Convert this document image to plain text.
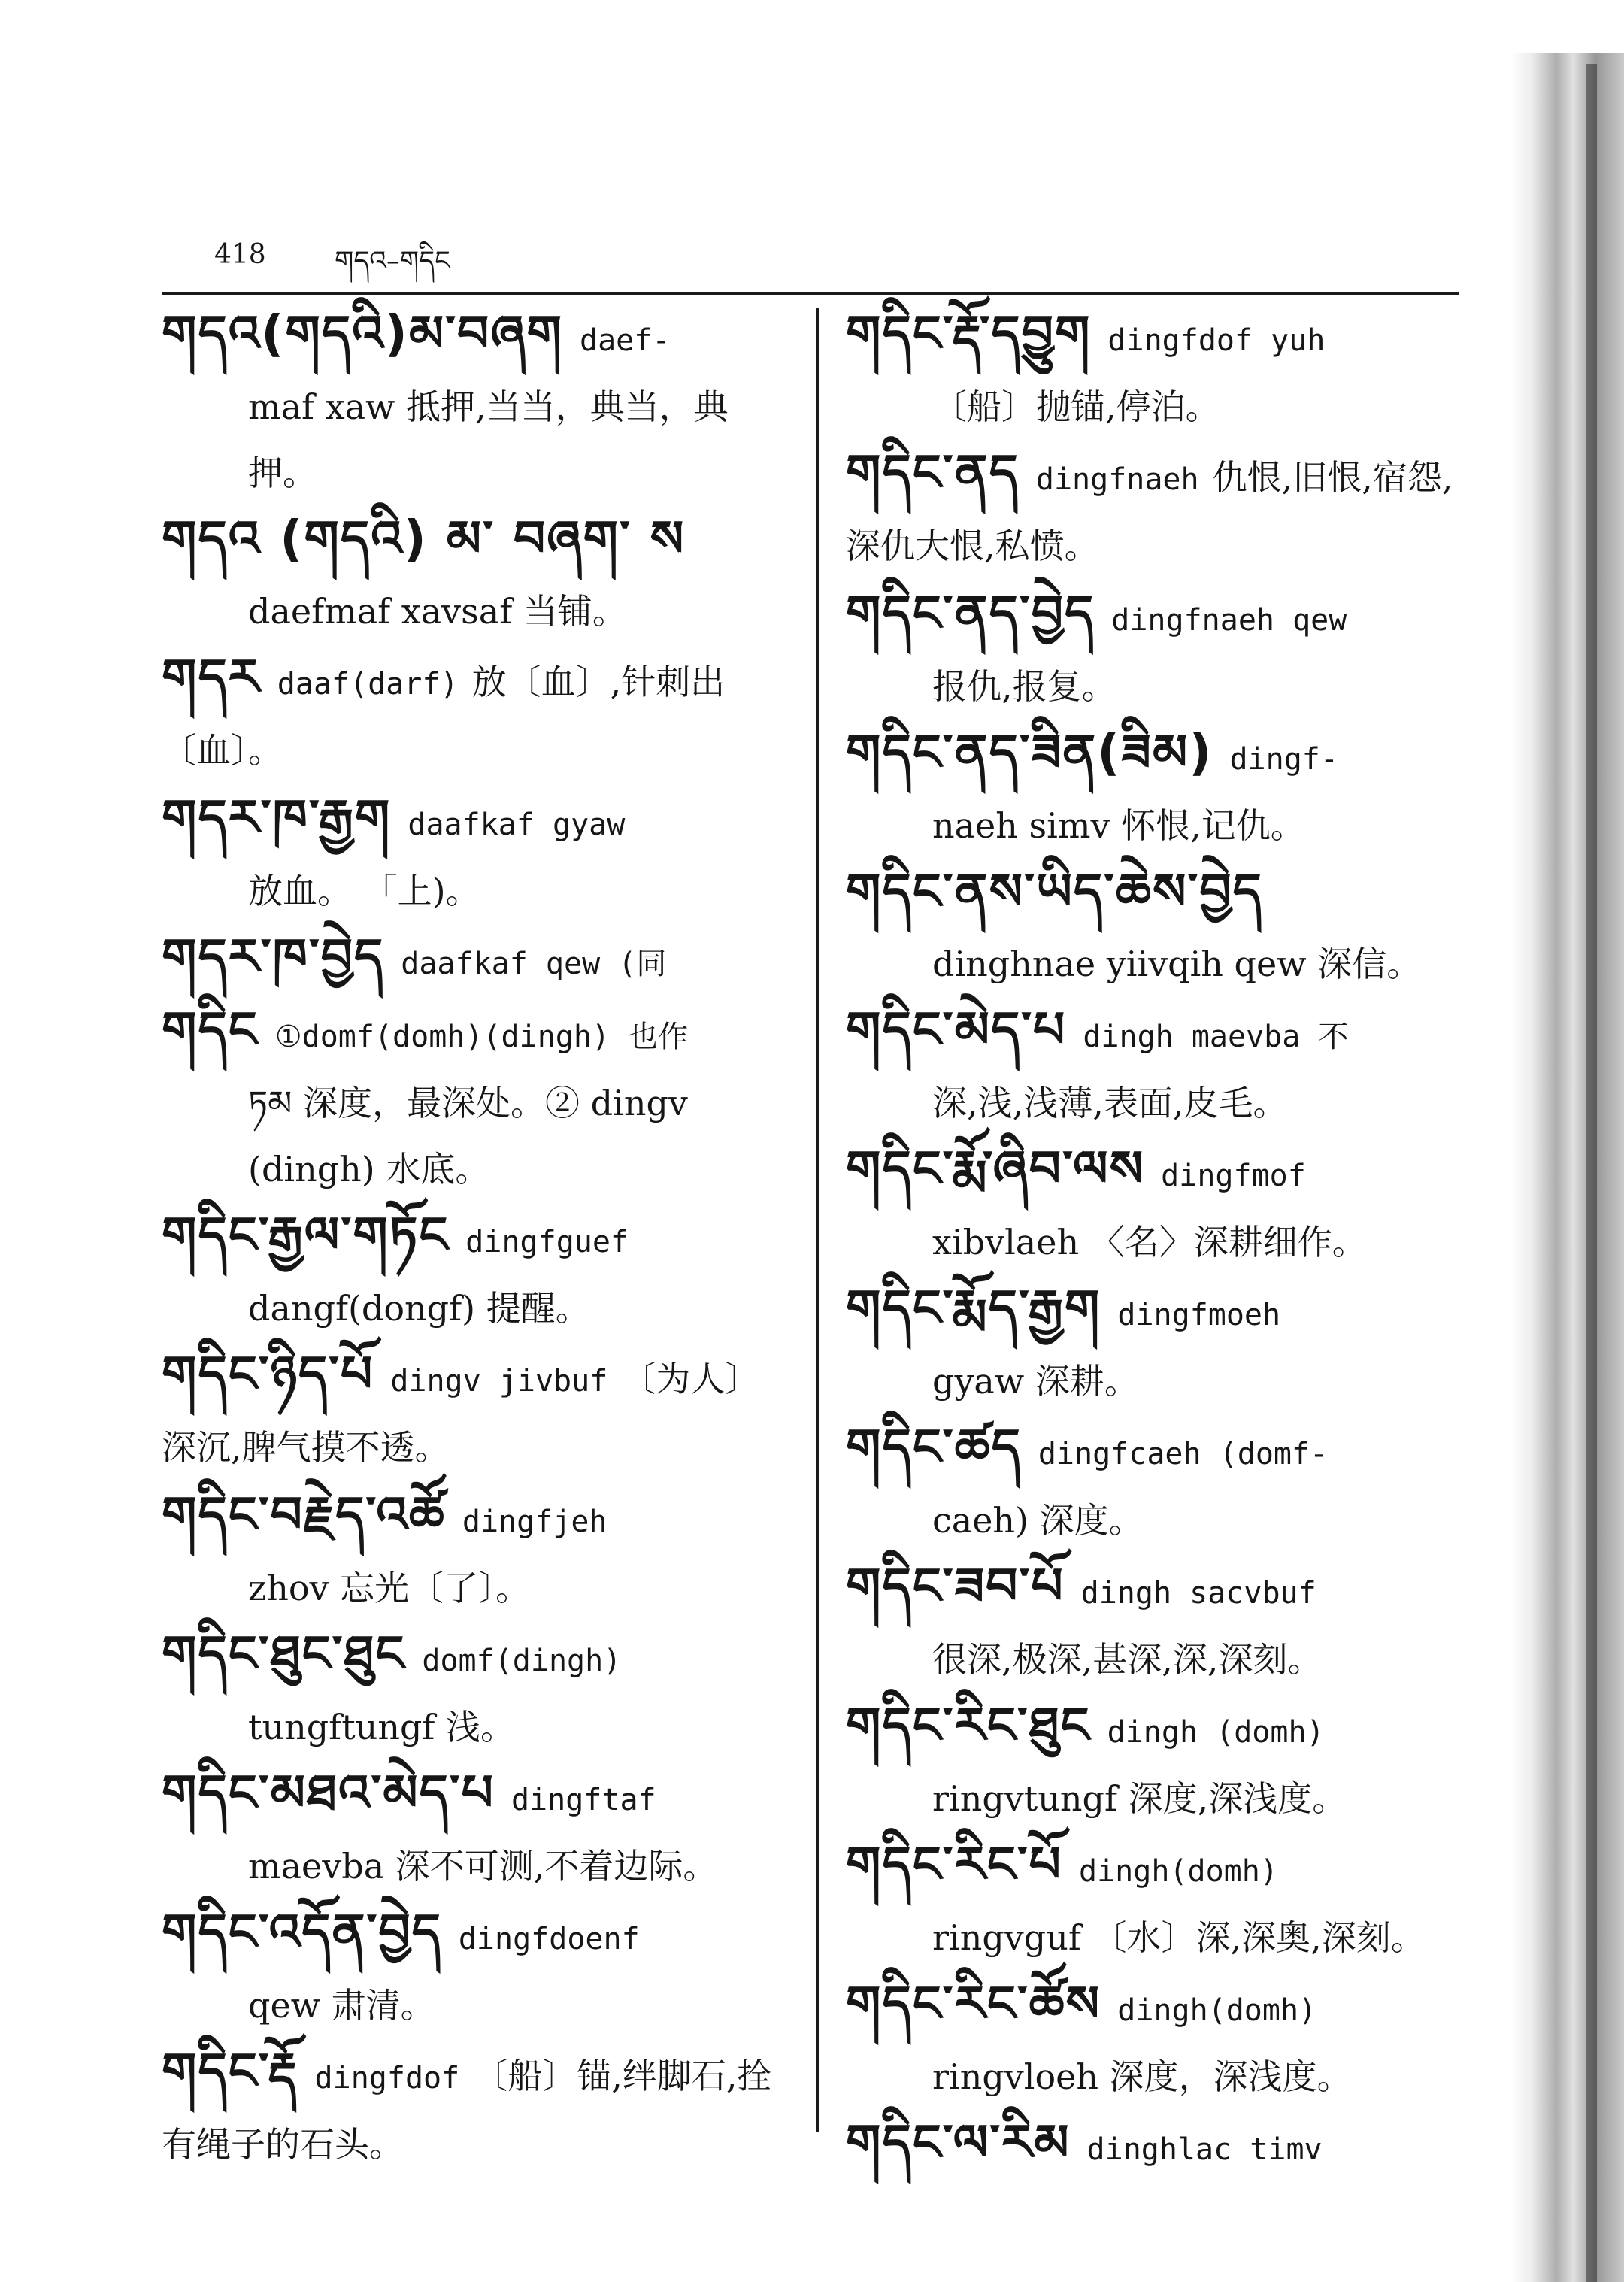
418	གདའ–གདིང
གདའ(གདའི)མ་བཞག daef-
maf xaw 抵押,当当，典当，典押。
གདའ (གདའི) མ་ བཞག་ ས
daefmaf xavsaf 当铺。
གདར daaf(darf) 放〔血〕,针刺出〔血〕。
གདར་ཁ་རྒྱག daafkaf gyaw
放血。 「上)。
གདར་ཁ་བྱེད daafkaf qew (同
གདིང ①domf(domh)(dingh) 也作
ཏམ 深度，最深处。② dingv (dingh) 水底。
གདིང་རྒྱལ་གཏོང dingfguef
dangf(dongf) 提醒。
གདིང་ཉིད་པོ dingv jivbuf 〔为人〕深沉,脾气摸不透。
གདིང་བརྗེད་འཚོ dingfjeh
zhov 忘光〔了〕。
གདིང་ཐུང་ཐུང domf(dingh)
tungftungf 浅。
གདིང་མཐའ་མེད་པ dingftaf
maevba 深不可测,不着边际。
གདིང་འདོན་བྱེད dingfdoenf
qew 肃清。
གདིང་རྡོ dingfdof 〔船〕锚,绊脚石,拴有绳子的石头。
གདིང་རྡོ་དབྱུག dingfdof yuh
〔船〕抛锚,停泊。
གདིང་ནད dingfnaeh 仇恨,旧恨,宿怨,深仇大恨,私愤。
གདིང་ནད་བྱེད dingfnaeh qew
报仇,报复。
གདིང་ནད་ཟིན(ཟིམ) dingf-
naeh simv 怀恨,记仇。
གདིང་ནས་ཡིད་ཆེས་བྱེད
dinghnae yiivqih qew 深信。
གདིང་མེད་པ dingh maevba 不
深,浅,浅薄,表面,皮毛。
གདིང་རྨོ་ཞིབ་ལས dingfmof
xibvlaeh 〈名〉深耕细作。
གདིང་རྨོད་རྒྱག dingfmoeh
gyaw 深耕。
གདིང་ཚད dingfcaeh (domf-
caeh) 深度。
གདིང་ཟབ་པོ dingh sacvbuf
很深,极深,甚深,深,深刻。
གདིང་རིང་ཐུང dingh (domh)
ringvtungf 深度,深浅度。
གདིང་རིང་པོ dingh(domh)
ringvguf 〔水〕深,深奥,深刻。
གདིང་རིང་ཚོས dingh(domh)
ringvloeh 深度，深浅度。
གདིང་ལ་རིམ dinghlac timv
